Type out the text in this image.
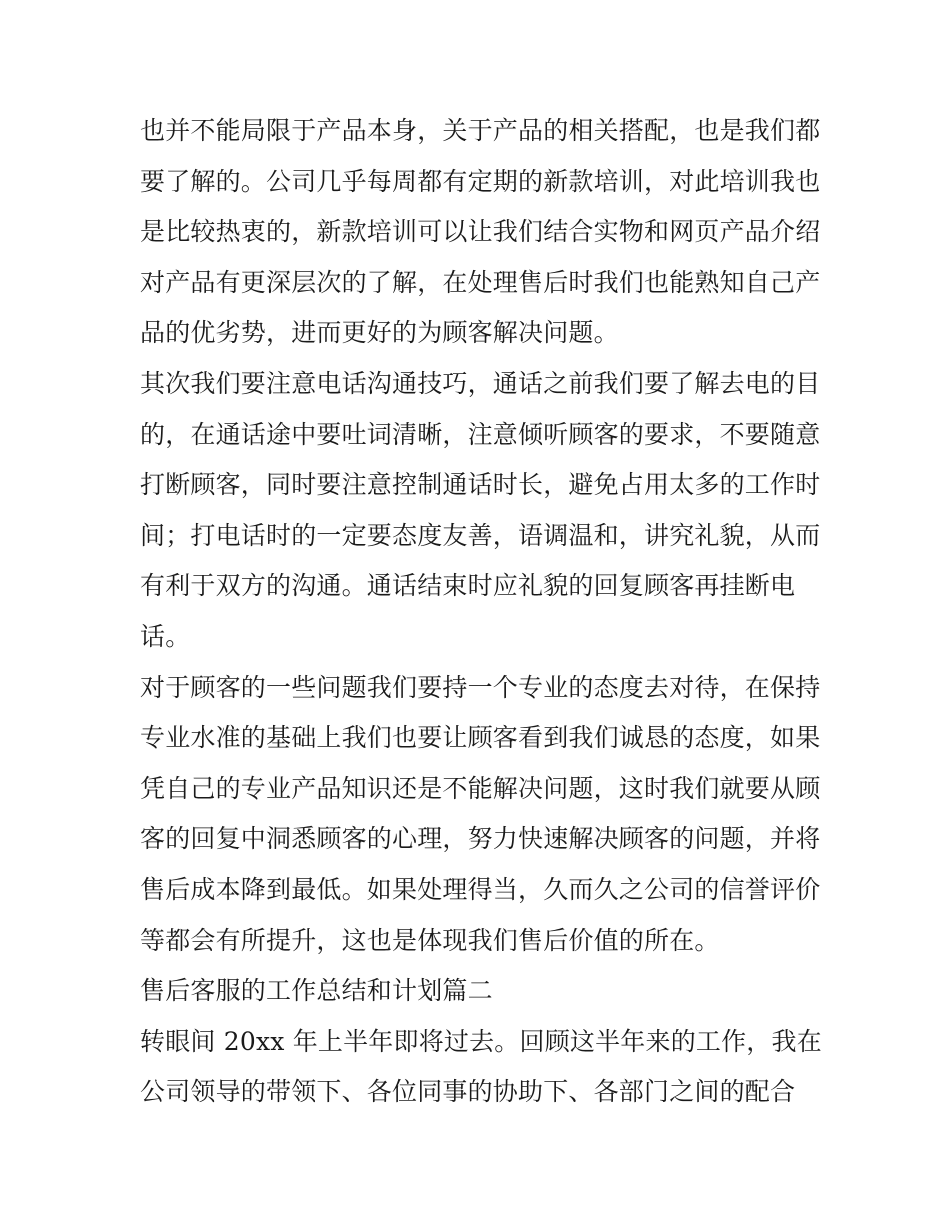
也并不能局限于产品本身，关于产品的相关搭配，也是我们都
要了解的。公司几乎每周都有定期的新款培训，对此培训我也
是比较热衷的，新款培训可以让我们结合实物和网页产品介绍
对产品有更深层次的了解，在处理售后时我们也能熟知自己产
品的优劣势，进而更好的为顾客解决问题。
其次我们要注意电话沟通技巧，通话之前我们要了解去电的目
的，在通话途中要吐词清晰，注意倾听顾客的要求，不要随意
打断顾客，同时要注意控制通话时长，避免占用太多的工作时
间；打电话时的一定要态度友善，语调温和，讲究礼貌，从而
有利于双方的沟通。通话结束时应礼貌的回复顾客再挂断电
话。
对于顾客的一些问题我们要持一个专业的态度去对待，在保持
专业水准的基础上我们也要让顾客看到我们诚恳的态度，如果
凭自己的专业产品知识还是不能解决问题，这时我们就要从顾
客的回复中洞悉顾客的心理，努力快速解决顾客的问题，并将
售后成本降到最低。如果处理得当，久而久之公司的信誉评价
等都会有所提升，这也是体现我们售后价值的所在。
售后客服的工作总结和计划篇二
转眼间 20xx 年上半年即将过去。回顾这半年来的工作，我在
公司领导的带领下、各位同事的协助下、各部门之间的配合
